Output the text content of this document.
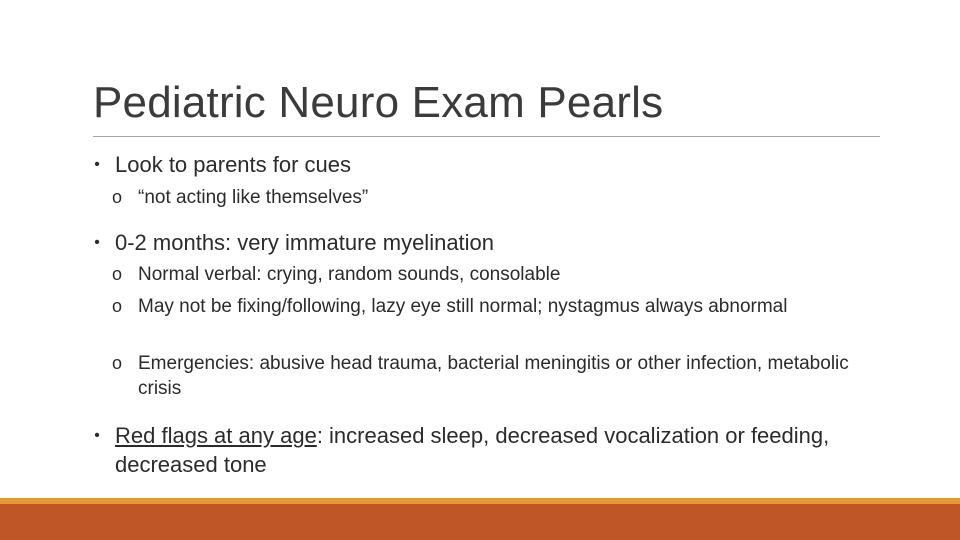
Pediatric Neuro Exam Pearls
• Look to parents for cues
o “not acting like themselves”
• 0-2 months: very immature myelination
o Normal verbal: crying, random sounds, consolable
o May not be fixing/following, lazy eye still normal; nystagmus always abnormal
o Emergencies: abusive head trauma, bacterial meningitis or other infection, metabolic crisis
• Red flags at any age: increased sleep, decreased vocalization or feeding, decreased tone
